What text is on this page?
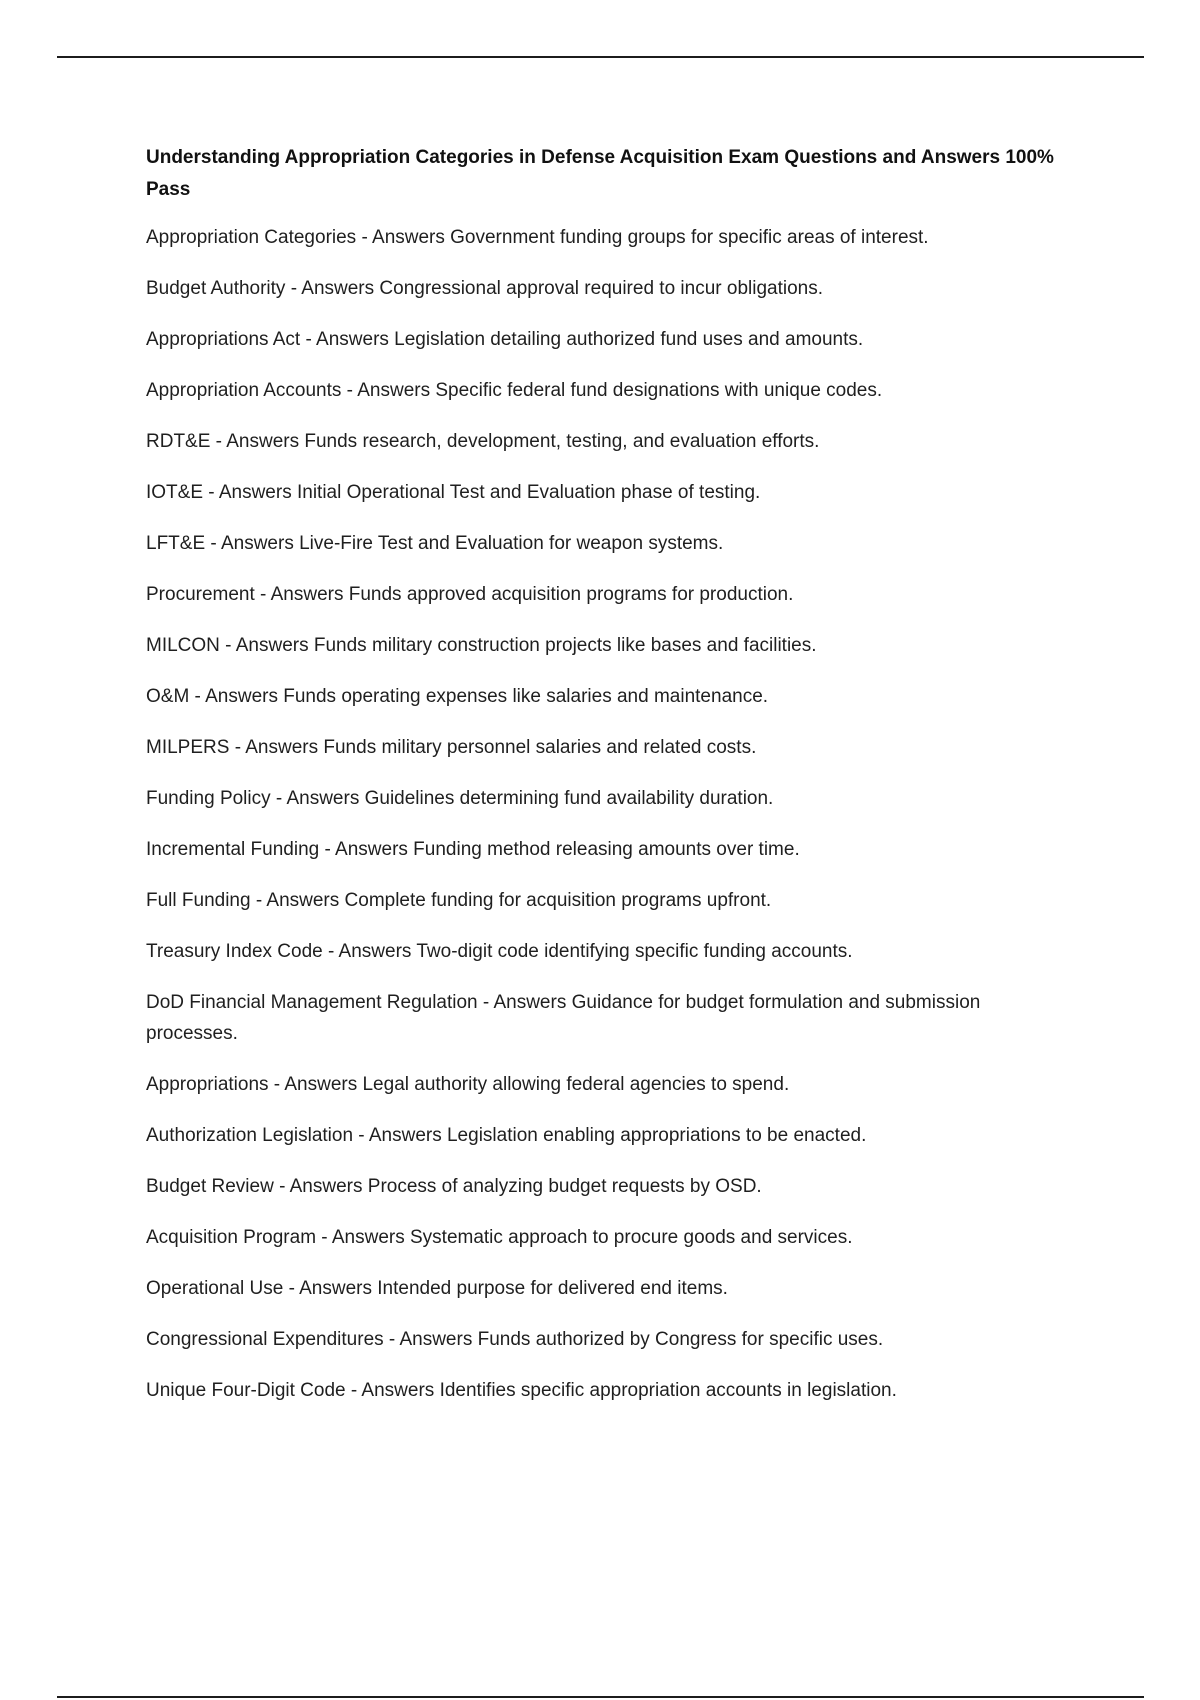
Understanding Appropriation Categories in Defense Acquisition Exam Questions and Answers 100% Pass

Appropriation Categories - Answers Government funding groups for specific areas of interest.
Budget Authority - Answers Congressional approval required to incur obligations.
Appropriations Act - Answers Legislation detailing authorized fund uses and amounts.
Appropriation Accounts - Answers Specific federal fund designations with unique codes.
RDT&E - Answers Funds research, development, testing, and evaluation efforts.
IOT&E - Answers Initial Operational Test and Evaluation phase of testing.
LFT&E - Answers Live-Fire Test and Evaluation for weapon systems.
Procurement - Answers Funds approved acquisition programs for production.
MILCON - Answers Funds military construction projects like bases and facilities.
O&M - Answers Funds operating expenses like salaries and maintenance.
MILPERS - Answers Funds military personnel salaries and related costs.
Funding Policy - Answers Guidelines determining fund availability duration.
Incremental Funding - Answers Funding method releasing amounts over time.
Full Funding - Answers Complete funding for acquisition programs upfront.
Treasury Index Code - Answers Two-digit code identifying specific funding accounts.
DoD Financial Management Regulation - Answers Guidance for budget formulation and submission processes.
Appropriations - Answers Legal authority allowing federal agencies to spend.
Authorization Legislation - Answers Legislation enabling appropriations to be enacted.
Budget Review - Answers Process of analyzing budget requests by OSD.
Acquisition Program - Answers Systematic approach to procure goods and services.
Operational Use - Answers Intended purpose for delivered end items.
Congressional Expenditures - Answers Funds authorized by Congress for specific uses.
Unique Four-Digit Code - Answers Identifies specific appropriation accounts in legislation.
